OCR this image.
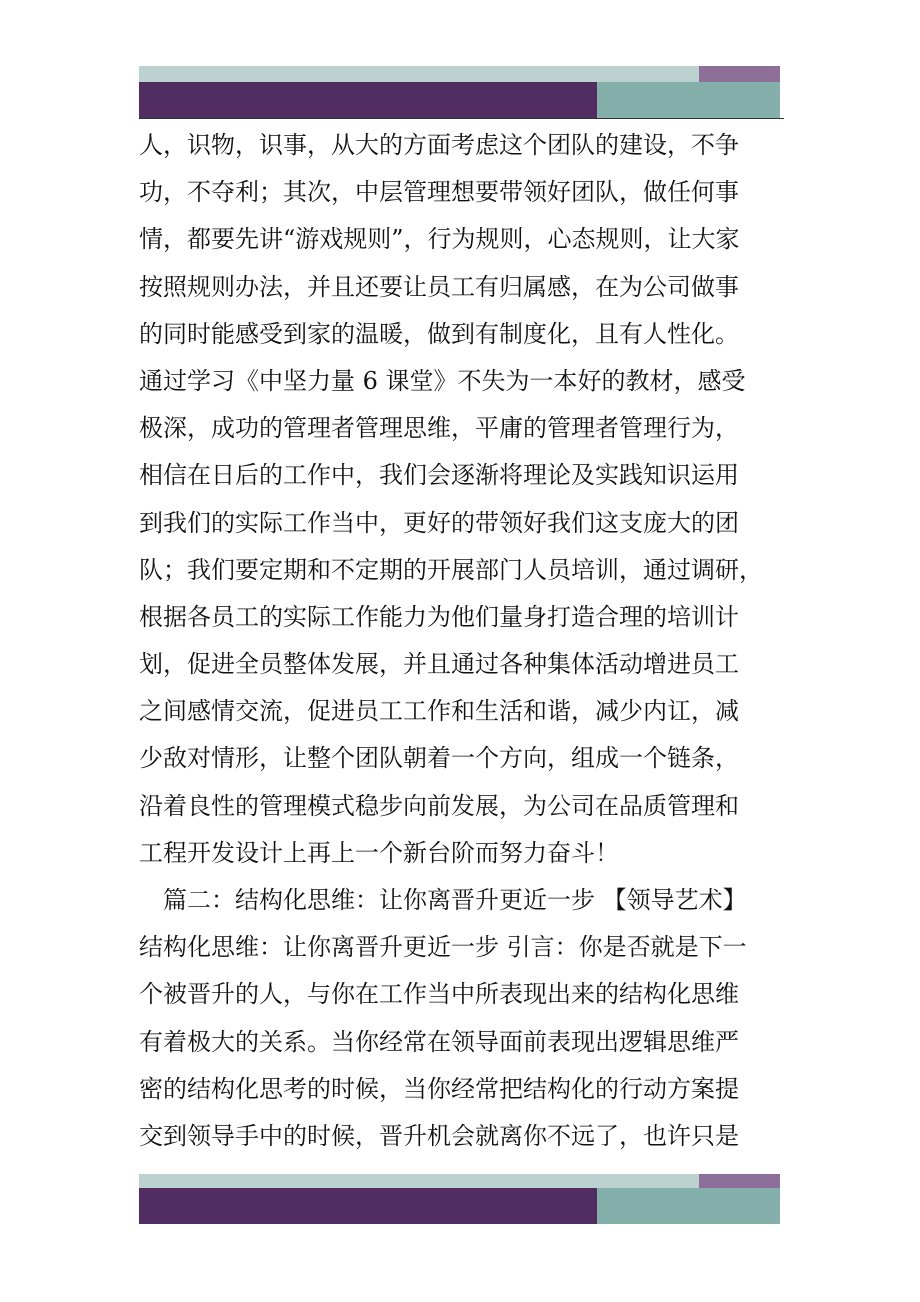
人，识物，识事，从大的方面考虑这个团队的建设，不争
功，不夺利；其次，中层管理想要带领好团队，做任何事
情，都要先讲“游戏规则”，行为规则，心态规则，让大家
按照规则办法，并且还要让员工有归属感，在为公司做事
的同时能感受到家的温暖，做到有制度化，且有人性化。
通过学习《中坚力量 6 课堂》不失为一本好的教材，感受
极深，成功的管理者管理思维，平庸的管理者管理行为，
相信在日后的工作中，我们会逐渐将理论及实践知识运用
到我们的实际工作当中，更好的带领好我们这支庞大的团
队；我们要定期和不定期的开展部门人员培训，通过调研，
根据各员工的实际工作能力为他们量身打造合理的培训计
划，促进全员整体发展，并且通过各种集体活动增进员工
之间感情交流，促进员工工作和生活和谐，减少内讧，减
少敌对情形，让整个团队朝着一个方向，组成一个链条，
沿着良性的管理模式稳步向前发展，为公司在品质管理和
工程开发设计上再上一个新台阶而努力奋斗！
篇二：结构化思维：让你离晋升更近一步 【领导艺术】
结构化思维：让你离晋升更近一步 引言：你是否就是下一
个被晋升的人，与你在工作当中所表现出来的结构化思维
有着极大的关系。当你经常在领导面前表现出逻辑思维严
密的结构化思考的时候，当你经常把结构化的行动方案提
交到领导手中的时候，晋升机会就离你不远了，也许只是
